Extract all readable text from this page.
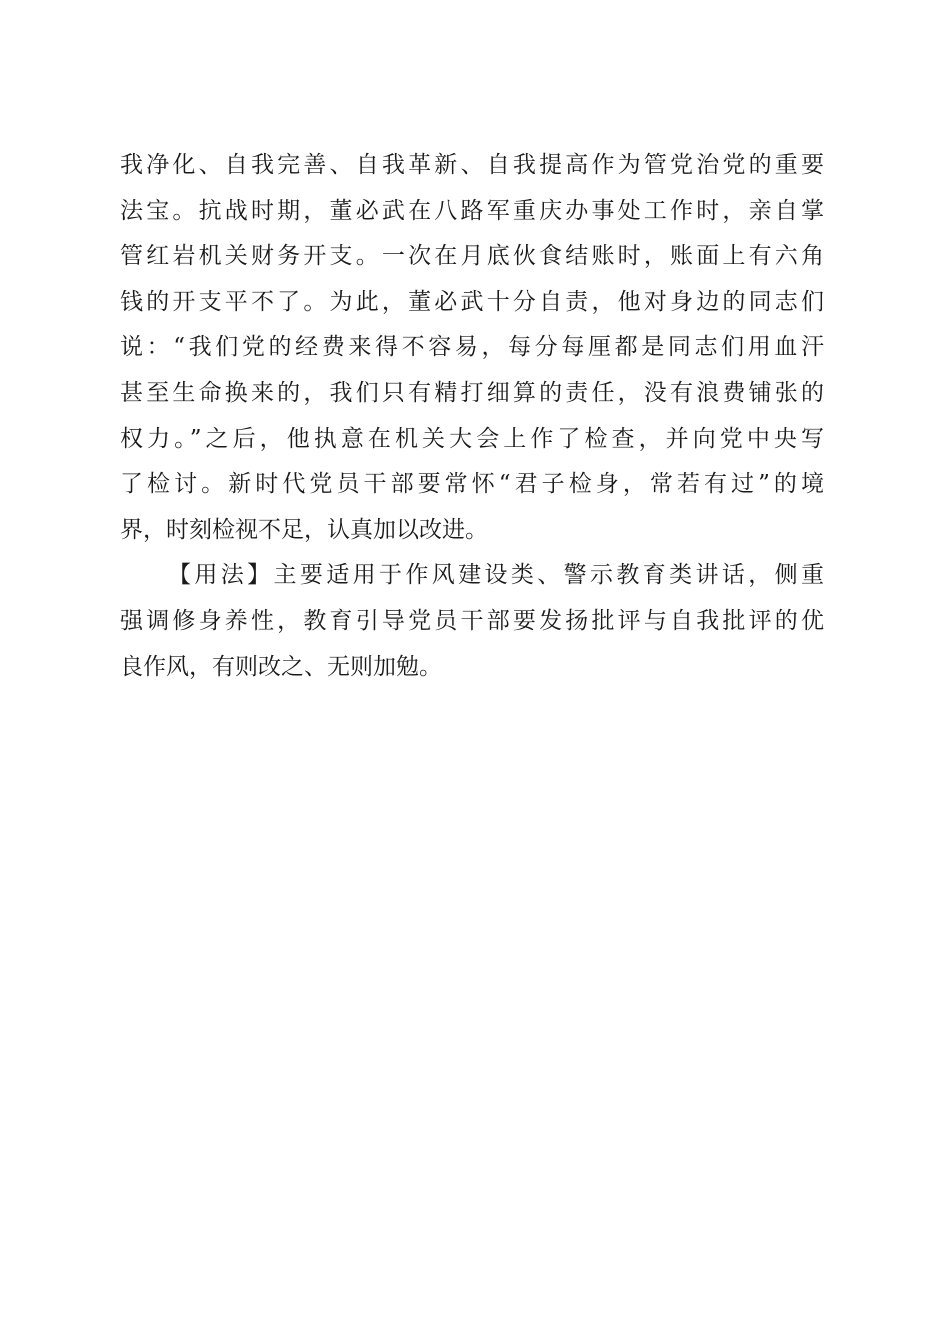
我净化、自我完善、自我革新、自我提高作为管党治党的重要
法宝。抗战时期，董必武在八路军重庆办事处工作时，亲自掌
管红岩机关财务开支。一次在月底伙食结账时，账面上有六角
钱的开支平不了。为此，董必武十分自责，他对身边的同志们
说：“我们党的经费来得不容易，每分每厘都是同志们用血汗
甚至生命换来的，我们只有精打细算的责任，没有浪费铺张的
权力。”之后，他执意在机关大会上作了检查，并向党中央写
了检讨。新时代党员干部要常怀“君子检身，常若有过”的境
界，时刻检视不足，认真加以改进。
【用法】主要适用于作风建设类、警示教育类讲话，侧重
强调修身养性，教育引导党员干部要发扬批评与自我批评的优
良作风，有则改之、无则加勉。
